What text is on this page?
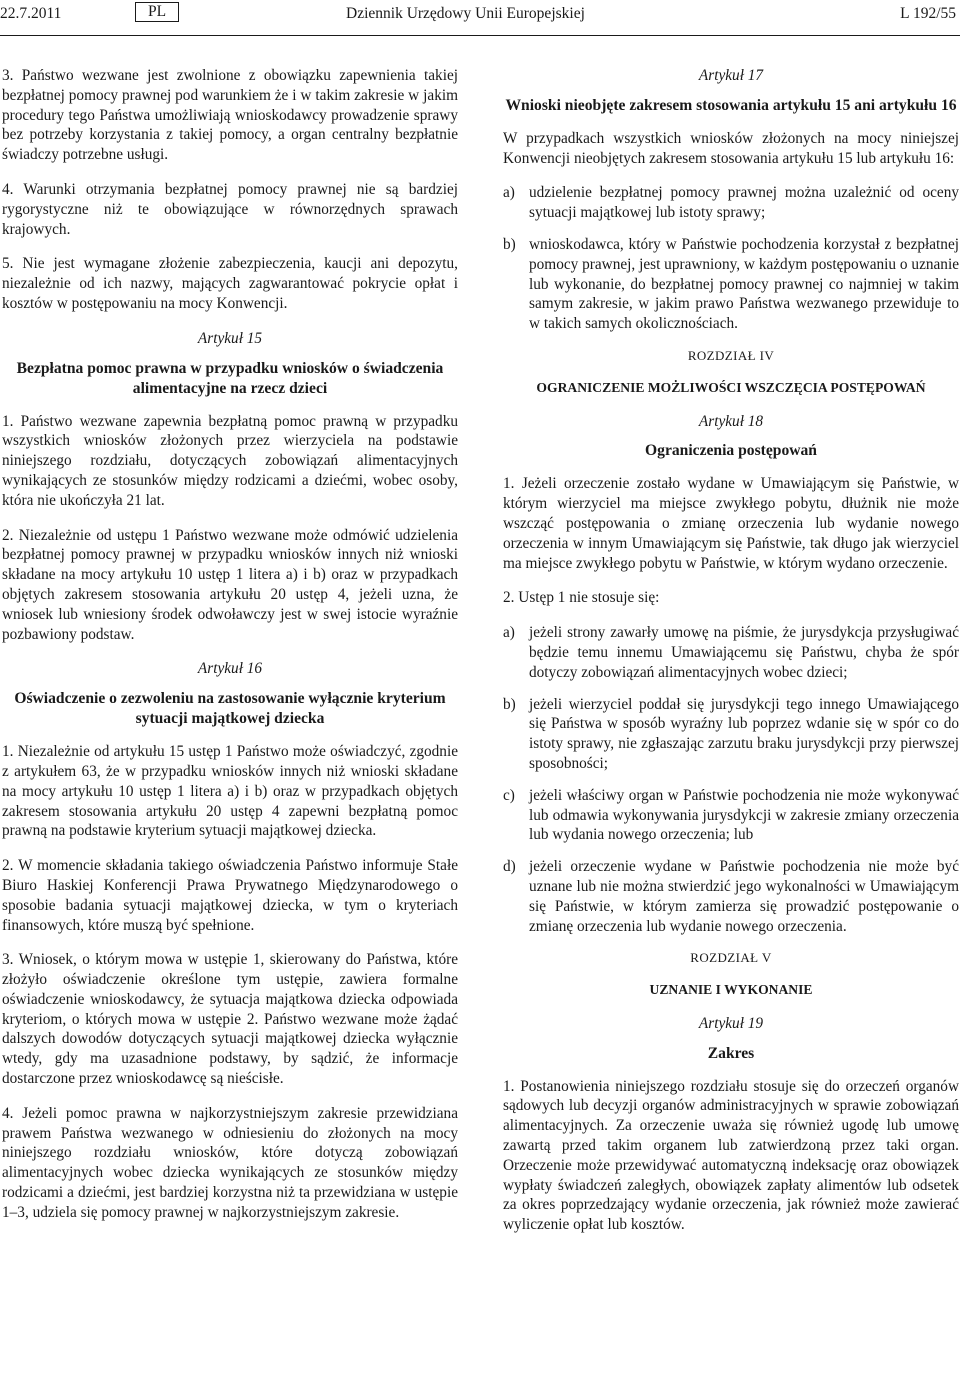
22.7.2011	PL	Dziennik Urzędowy Unii Europejskiej	L 192/55

3. Państwo wezwane jest zwolnione z obowiązku zapewnienia takiej bezpłatnej pomocy prawnej pod warunkiem że i w takim zakresie w jakim procedury tego Państwa umożliwiają wnioskodawcy prowadzenie sprawy bez potrzeby korzystania z takiej pomocy, a organ centralny bezpłatnie świadczy potrzebne usługi.

4. Warunki otrzymania bezpłatnej pomocy prawnej nie są bardziej rygorystyczne niż te obowiązujące w równorzędnych sprawach krajowych.

5. Nie jest wymagane złożenie zabezpieczenia, kaucji ani depozytu, niezależnie od ich nazwy, mających zagwarantować pokrycie opłat i kosztów w postępowaniu na mocy Konwencji.

Artykuł 15
Bezpłatna pomoc prawna w przypadku wniosków o świadczenia alimentacyjne na rzecz dzieci

1. Państwo wezwane zapewnia bezpłatną pomoc prawną w przypadku wszystkich wniosków złożonych przez wierzyciela na podstawie niniejszego rozdziału, dotyczących zobowiązań alimentacyjnych wynikających ze stosunków między rodzicami a dziećmi, wobec osoby, która nie ukończyła 21 lat.

2. Niezależnie od ustępu 1 Państwo wezwane może odmówić udzielenia bezpłatnej pomocy prawnej w przypadku wniosków innych niż wnioski składane na mocy artykułu 10 ustęp 1 litera a) i b) oraz w przypadkach objętych zakresem stosowania artykułu 20 ustęp 4, jeżeli uzna, że wniosek lub wniesiony środek odwoławczy jest w swej istocie wyraźnie pozbawiony podstaw.

Artykuł 16
Oświadczenie o zezwoleniu na zastosowanie wyłącznie kryterium sytuacji majątkowej dziecka

1. Niezależnie od artykułu 15 ustęp 1 Państwo może oświadczyć, zgodnie z artykułem 63, że w przypadku wniosków innych niż wnioski składane na mocy artykułu 10 ustęp 1 litera a) i b) oraz w przypadkach objętych zakresem stosowania artykułu 20 ustęp 4 zapewni bezpłatną pomoc prawną na podstawie kryterium sytuacji majątkowej dziecka.

2. W momencie składania takiego oświadczenia Państwo informuje Stałe Biuro Haskiej Konferencji Prawa Prywatnego Międzynarodowego o sposobie badania sytuacji majątkowej dziecka, w tym o kryteriach finansowych, które muszą być spełnione.

3. Wniosek, o którym mowa w ustępie 1, skierowany do Państwa, które złożyło oświadczenie określone tym ustępie, zawiera formalne oświadczenie wnioskodawcy, że sytuacja majątkowa dziecka odpowiada kryteriom, o których mowa w ustępie 2. Państwo wezwane może żądać dalszych dowodów dotyczących sytuacji majątkowej dziecka wyłącznie wtedy, gdy ma uzasadnione podstawy, by sądzić, że informacje dostarczone przez wnioskodawcę są nieścisłe.

4. Jeżeli pomoc prawna w najkorzystniejszym zakresie przewidziana prawem Państwa wezwanego w odniesieniu do złożonych na mocy niniejszego rozdziału wniosków, które dotyczą zobowiązań alimentacyjnych wobec dziecka wynikających ze stosunków między rodzicami a dziećmi, jest bardziej korzystna niż ta przewidziana w ustępie 1–3, udziela się pomocy prawnej w najkorzystniejszym zakresie.

Artykuł 17
Wnioski nieobjęte zakresem stosowania artykułu 15 ani artykułu 16

W przypadkach wszystkich wniosków złożonych na mocy niniejszej Konwencji nieobjętych zakresem stosowania artykułu 15 lub artykułu 16:

a) udzielenie bezpłatnej pomocy prawnej można uzależnić od oceny sytuacji majątkowej lub istoty sprawy;
b) wnioskodawca, który w Państwie pochodzenia korzystał z bezpłatnej pomocy prawnej, jest uprawniony, w każdym postępowaniu o uznanie lub wykonanie, do bezpłatnej pomocy prawnej co najmniej w takim samym zakresie, w jakim prawo Państwa wezwanego przewiduje to w takich samych okolicznościach.
ROZDZIAŁ IV
OGRANICZENIE MOŻLIWOŚCI WSZCZĘCIA POSTĘPOWAŃ
Artykuł 18
Ograniczenia postępowań

1. Jeżeli orzeczenie zostało wydane w Umawiającym się Państwie, w którym wierzyciel ma miejsce zwykłego pobytu, dłużnik nie może wszcząć postępowania o zmianę orzeczenia lub wydanie nowego orzeczenia w innym Umawiającym się Państwie, tak długo jak wierzyciel ma miejsce zwykłego pobytu w Państwie, w którym wydano orzeczenie.

2. Ustęp 1 nie stosuje się:

a) jeżeli strony zawarły umowę na piśmie, że jurysdykcja przysługiwać będzie temu innemu Umawiającemu się Państwu, chyba że spór dotyczy zobowiązań alimentacyjnych wobec dzieci;
b) jeżeli wierzyciel poddał się jurysdykcji tego innego Umawiającego się Państwa w sposób wyraźny lub poprzez wdanie się w spór co do istoty sprawy, nie zgłaszając zarzutu braku jurysdykcji przy pierwszej sposobności;
c) jeżeli właściwy organ w Państwie pochodzenia nie może wykonywać lub odmawia wykonywania jurysdykcji w zakresie zmiany orzeczenia lub wydania nowego orzeczenia; lub
d) jeżeli orzeczenie wydane w Państwie pochodzenia nie może być uznane lub nie można stwierdzić jego wykonalności w Umawiającym się Państwie, w którym zamierza się prowadzić postępowanie o zmianę orzeczenia lub wydanie nowego orzeczenia.
ROZDZIAŁ V
UZNANIE I WYKONANIE
Artykuł 19
Zakres

1. Postanowienia niniejszego rozdziału stosuje się do orzeczeń organów sądowych lub decyzji organów administracyjnych w sprawie zobowiązań alimentacyjnych. Za orzeczenie uważa się również ugodę lub umowę zawartą przed takim organem lub zatwierdzoną przez taki organ. Orzeczenie może przewidywać automatyczną indeksację oraz obowiązek wypłaty świadczeń zaległych, obowiązek zapłaty alimentów lub odsetek za okres poprzedzający wydanie orzeczenia, jak również może zawierać wyliczenie opłat lub kosztów.
